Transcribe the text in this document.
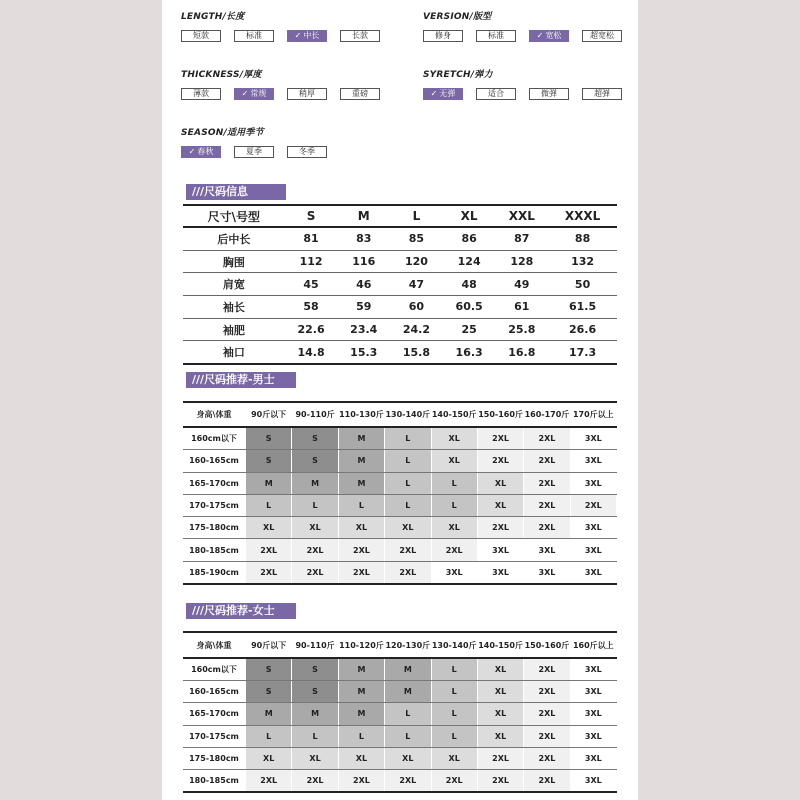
LENGTH/长度	VERSION/版型
THICKNESS/厚度	SYRETCH/弹力
SEASON/适用季节
短款	标准	✓ 中长	长款	修身	标准	✓ 宽松	超宽松
薄款	✓ 常规	稍厚	重磅	✓ 无弹	适合	微弹	超弹
✓ 春秋	夏季	冬季
///尺码信息
尺寸\号型	S	M	L	XL	XXL	XXXL
后中长	81	83	85	86	87	88
胸围	112	116	120	124	128	132
肩宽	45	46	47	48	49	50
袖长	58	59	60	60.5	61	61.5
袖肥	22.6	23.4	24.2	25	25.8	26.6
袖口	14.8	15.3	15.8	16.3	16.8	17.3
///尺码推荐-男士
身高\体重	90斤以下	90-110斤	110-130斤	130-140斤	140-150斤	150-160斤	160-170斤	170斤以上
160cm以下	S	S	M	L	XL	2XL	2XL	3XL
160-165cm	S	S	M	L	XL	2XL	2XL	3XL
165-170cm	M	M	M	L	L	XL	2XL	3XL
170-175cm	L	L	L	L	L	XL	2XL	2XL
175-180cm	XL	XL	XL	XL	XL	2XL	2XL	3XL
180-185cm	2XL	2XL	2XL	2XL	2XL	3XL	3XL	3XL
185-190cm	2XL	2XL	2XL	2XL	3XL	3XL	3XL	3XL
///尺码推荐-女士
身高\体重	90斤以下	90-110斤	110-120斤	120-130斤	130-140斤	140-150斤	150-160斤	160斤以上
160cm以下	S	S	M	M	L	XL	2XL	3XL
160-165cm	S	S	M	M	L	XL	2XL	3XL
165-170cm	M	M	M	L	L	XL	2XL	3XL
170-175cm	L	L	L	L	L	XL	2XL	3XL
175-180cm	XL	XL	XL	XL	XL	2XL	2XL	3XL
180-185cm	2XL	2XL	2XL	2XL	2XL	2XL	2XL	3XL
